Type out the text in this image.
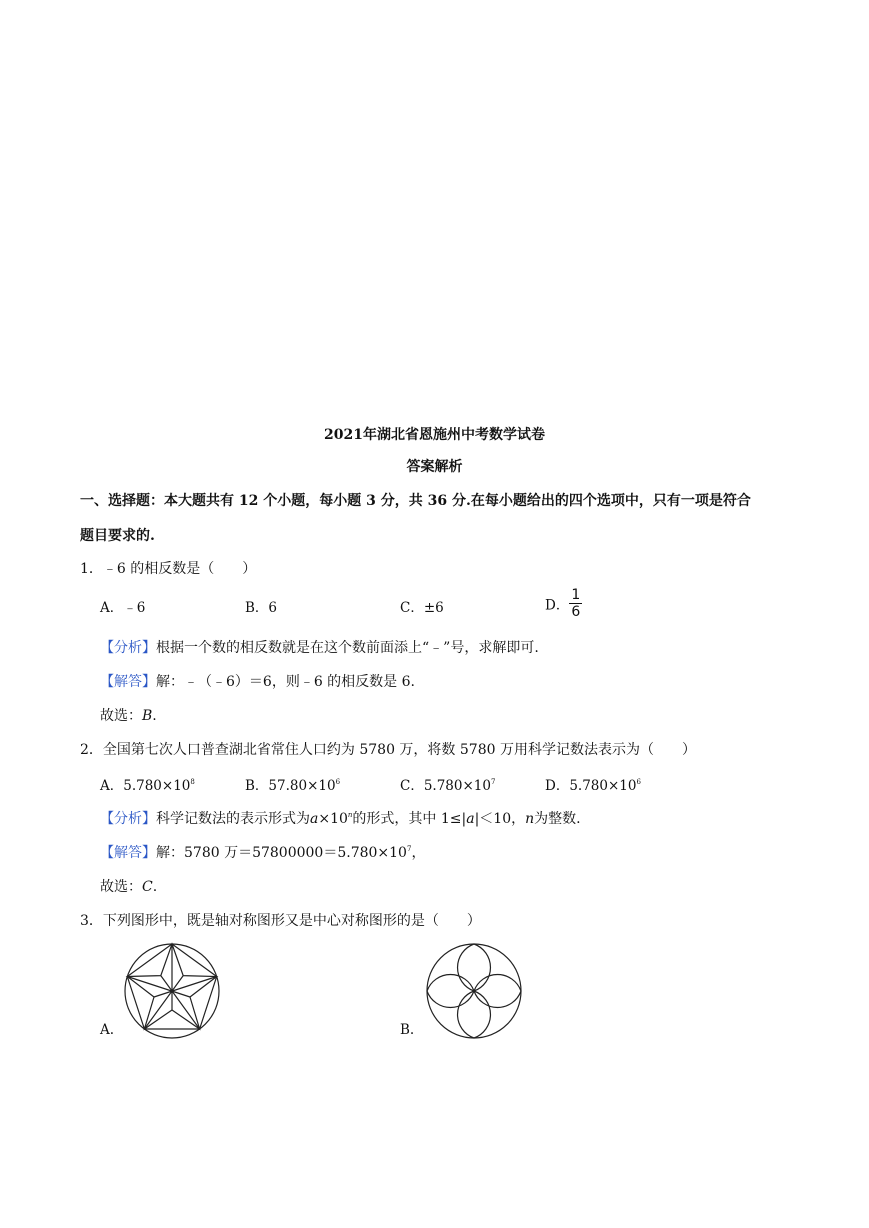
2021年湖北省恩施州中考数学试卷
答案解析
一、选择题：本大题共有 12 个小题，每小题 3 分，共 36 分.在每小题给出的四个选项中，只有一项是符合
题目要求的.
1．﹣6 的相反数是（　　）
A．﹣6	B．6	C．±6	D． $\frac{1}{6}$
【分析】根据一个数的相反数就是在这个数前面添上“﹣”号，求解即可.
【解答】解：﹣（﹣6）＝6，则﹣6 的相反数是 6.
故选：B.
2．全国第七次人口普查湖北省常住人口约为 5780 万，将数 5780 万用科学记数法表示为（　　）
A．$5.780\times 10^8$	B．$57.80\times 10^6$	C．$5.780\times 10^7$	D．$5.780\times 10^6$
【分析】科学记数法的表示形式为$a\times 10^n$的形式，其中 1≤|a|＜10，n为整数.
【解答】解：5780 万$=57800000=5.780\times 10^7$，
故选：C.
3．下列图形中，既是轴对称图形又是中心对称图形的是（　　）
A.	B.
